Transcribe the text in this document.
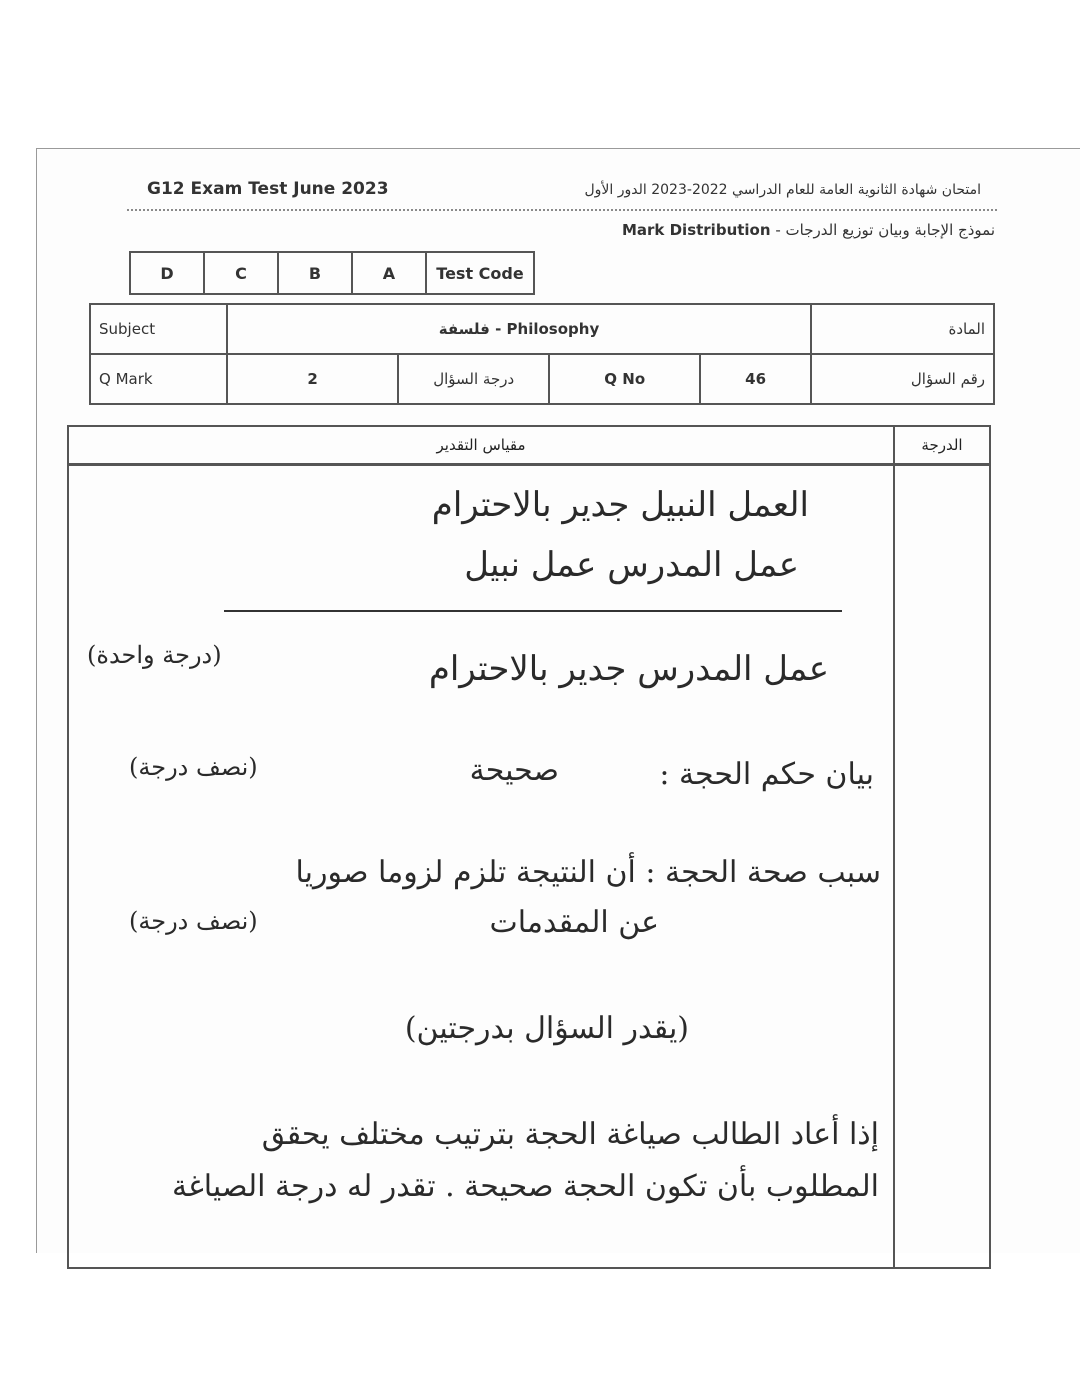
G12 Exam Test June 2023	امتحان شهادة الثانوية العامة للعام الدراسي 2022-2023 الدور الأول
نموذج الإجابة وبيان توزيع الدرجات - Mark Distribution
D	C	B	A	Test Code
Subject	فلسفة - Philosophy				المادة
Q Mark	2	درجة السؤال	Q No	46	رقم السؤال
مقياس التقدير	الدرجة
العمل النبيل جدير بالاحترام
عمل المدرس عمل نبيل
عمل المدرس جدير بالاحترام
(درجة واحدة)
بيان حكم الحجة :
صحيحة
(نصف درجة)
سبب صحة الحجة : أن النتيجة تلزم لزوما صوريا
عن المقدمات
(نصف درجة)
(يقدر السؤال بدرجتين)
إذا أعاد الطالب صياغة الحجة بترتيب مختلف يحقق
المطلوب بأن تكون الحجة صحيحة . تقدر له درجة الصياغة
